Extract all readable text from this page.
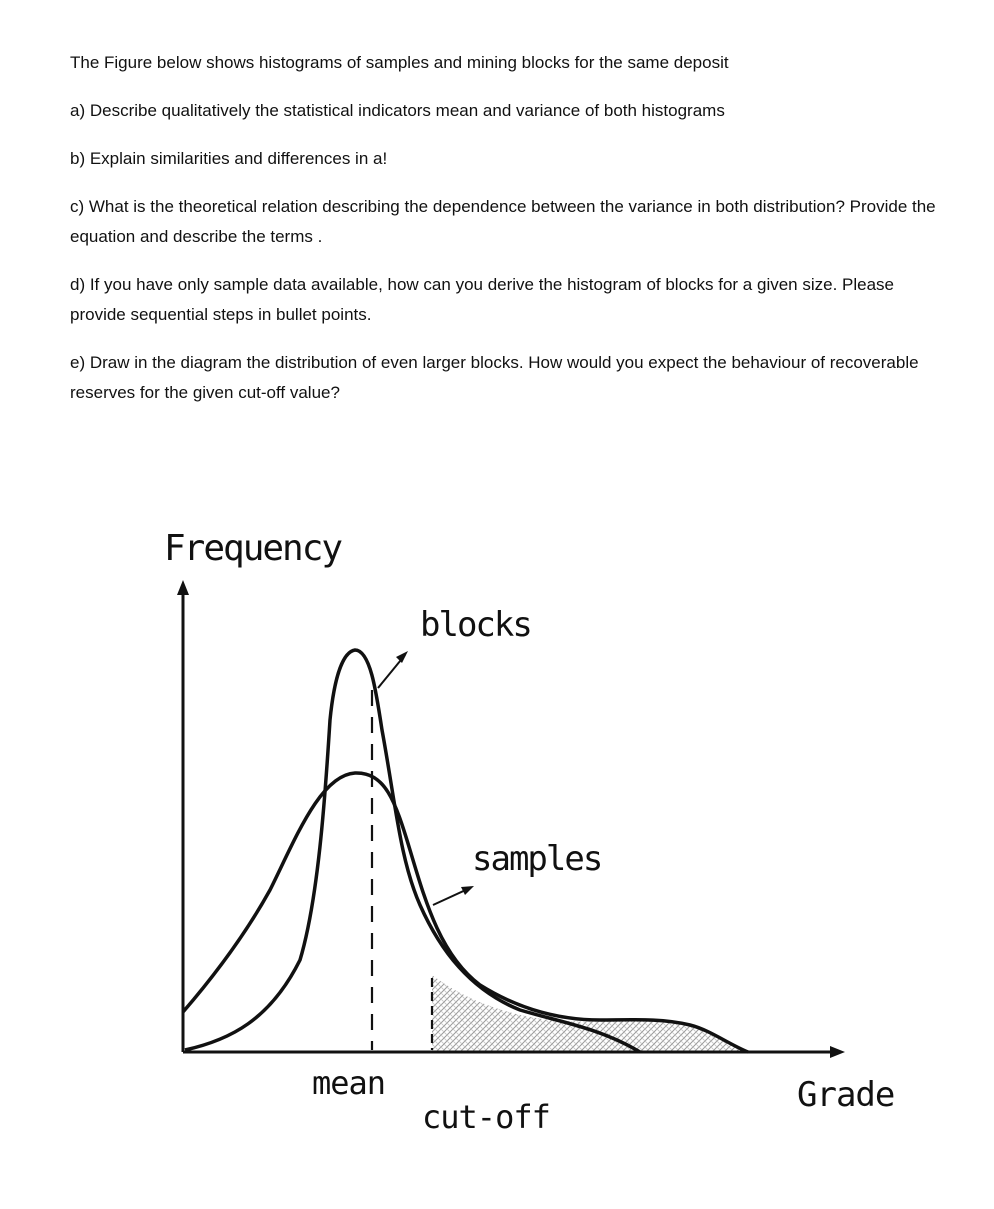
The Figure below shows histograms of samples and mining blocks for the same deposit

a) Describe qualitatively the statistical indicators mean and variance of both histograms

b) Explain similarities and differences in a!

c) What is the theoretical relation describing the dependence between the variance in both distribution? Provide the equation and describe the terms .

d) If you have only sample data available, how can you derive the histogram of blocks for a given size. Please provide sequential steps in bullet points.

e) Draw in the diagram the distribution of even larger blocks. How would you expect the behaviour of recoverable reserves for the given cut-off value?

Frequency
blocks
samples
mean
cut-off
Grade
